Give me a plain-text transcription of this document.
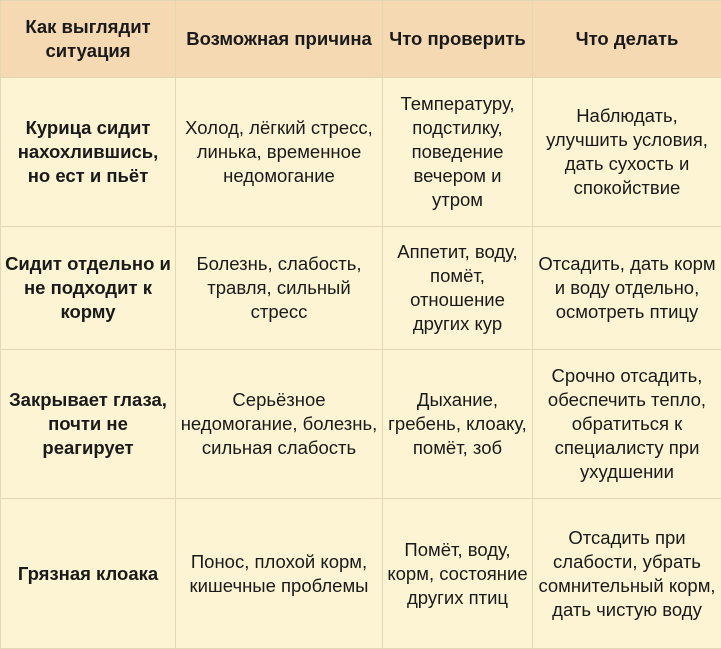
Как выглядит ситуация	Возможная причина	Что проверить	Что делать
Курица сидит нахохлившись, но ест и пьёт	Холод, лёгкий стресс, линька, временное недомогание	Температуру, подстилку, поведение вечером и утром	Наблюдать, улучшить условия, дать сухость и спокойствие
Сидит отдельно и не подходит к корму	Болезнь, слабость, травля, сильный стресс	Аппетит, воду, помёт, отношение других кур	Отсадить, дать корм и воду отдельно, осмотреть птицу
Закрывает глаза, почти не реагирует	Серьёзное недомогание, болезнь, сильная слабость	Дыхание, гребень, клоаку, помёт, зоб	Срочно отсадить, обеспечить тепло, обратиться к специалисту при ухудшении
Грязная клоака	Понос, плохой корм, кишечные проблемы	Помёт, воду, корм, состояние других птиц	Отсадить при слабости, убрать сомнительный корм, дать чистую воду
